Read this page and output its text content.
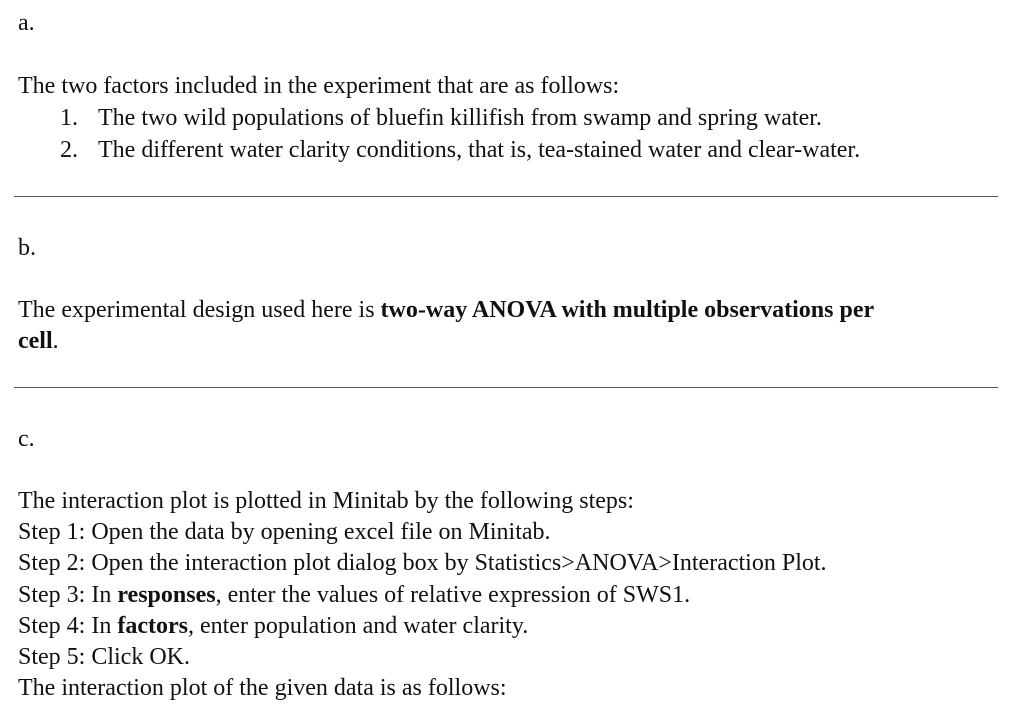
a.
The two factors included in the experiment that are as follows:
1. The two wild populations of bluefin killifish from swamp and spring water.
2. The different water clarity conditions, that is, tea-stained water and clear-water.
b.
The experimental design used here is two-way ANOVA with multiple observations per
cell.
c.
The interaction plot is plotted in Minitab by the following steps:
Step 1: Open the data by opening excel file on Minitab.
Step 2: Open the interaction plot dialog box by Statistics>ANOVA>Interaction Plot.
Step 3: In responses, enter the values of relative expression of SWS1.
Step 4: In factors, enter population and water clarity.
Step 5: Click OK.
The interaction plot of the given data is as follows:
